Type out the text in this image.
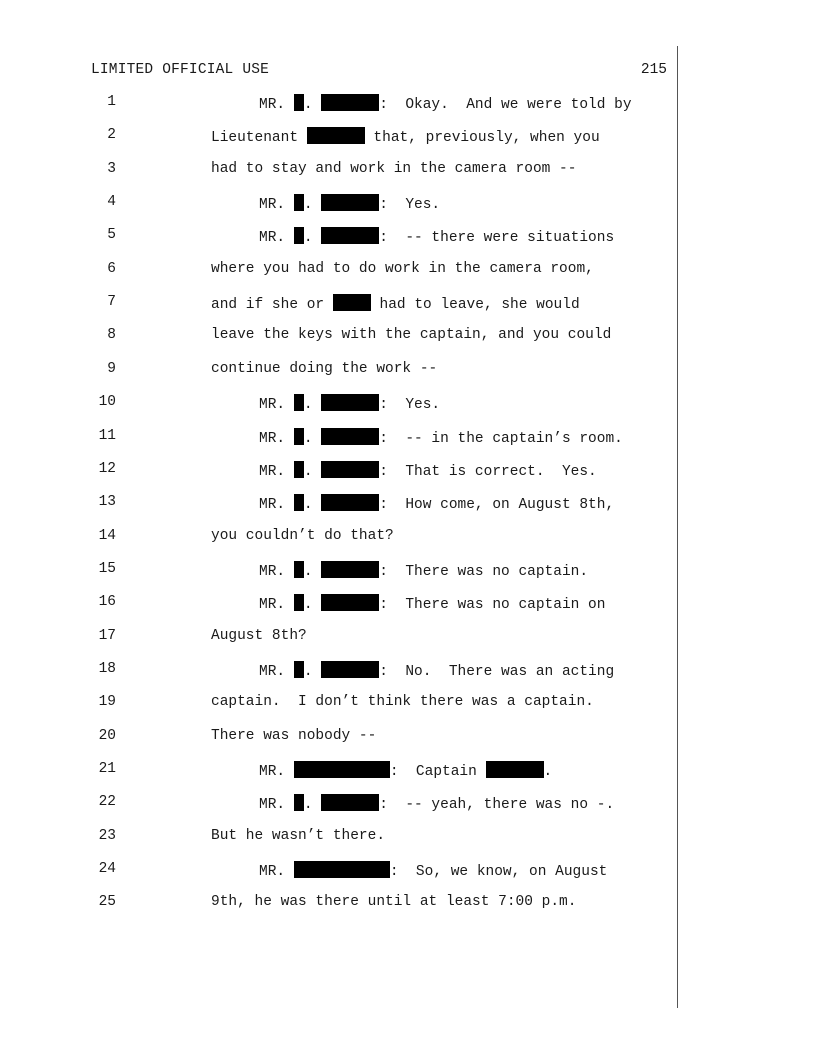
LIMITED OFFICIAL USE	215
1	MR. .	:  Okay.  And we were told by
2	Lieutenant	that, previously, when you
3	had to stay and work in the camera room --
4	MR. .	:  Yes.
5	MR. .	:  -- there were situations
6	where you had to do work in the camera room,
7	and if she or	had to leave, she would
8	leave the keys with the captain, and you could
9	continue doing the work --
10	MR. .	:  Yes.
11	MR. .	:  -- in the captain’s room.
12	MR. .	:  That is correct.  Yes.
13	MR. .	:  How come, on August 8th,
14	you couldn’t do that?
15	MR. .	:  There was no captain.
16	MR. .	:  There was no captain on
17	August 8th?
18	MR. .	:  No.  There was an acting
19	captain.  I don’t think there was a captain.
20	There was nobody --
21	MR.	:  Captain	.
22	MR. .	:  -- yeah, there was no -.
23	But he wasn’t there.
24	MR.	:  So, we know, on August
25	9th, he was there until at least 7:00 p.m.
